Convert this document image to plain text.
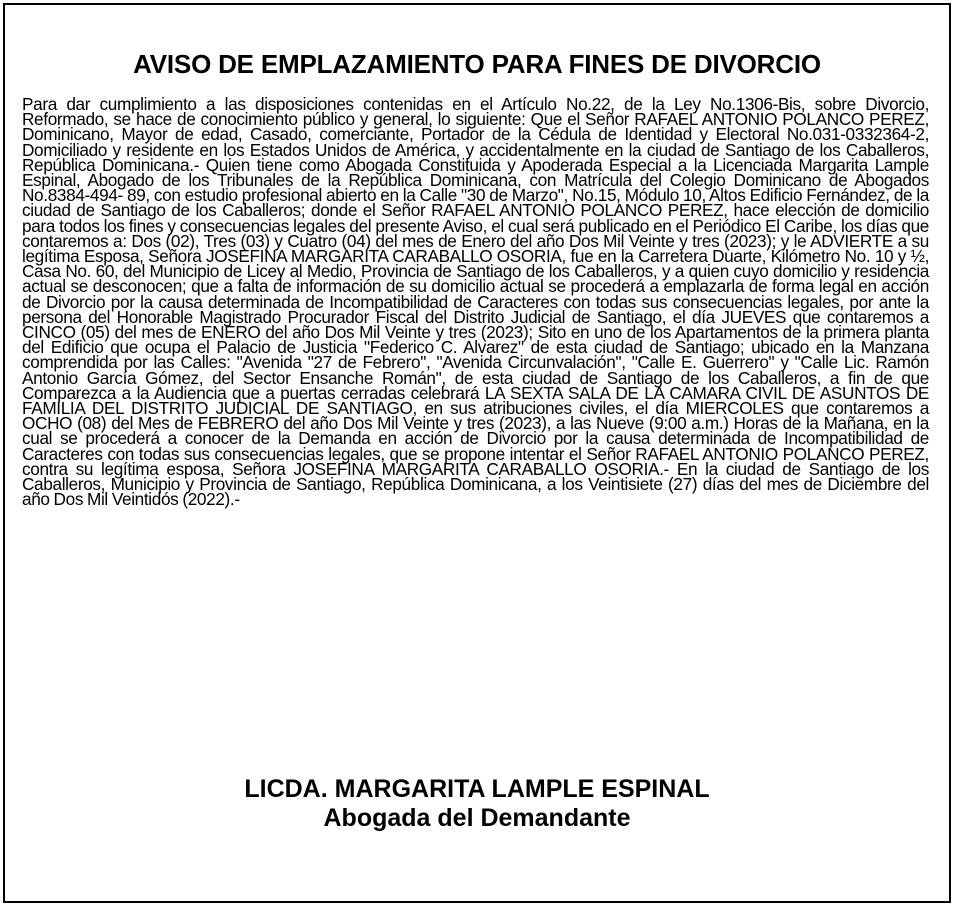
AVISO DE EMPLAZAMIENTO PARA FINES DE DIVORCIO
Para dar cumplimiento a las disposiciones contenidas en el Artículo No.22, de la Ley No.1306-Bis, sobre Divorcio, Reformado, se hace de conocimiento público y general, lo siguiente: Que el Señor RAFAEL ANTONIO POLANCO PEREZ, Dominicano, Mayor de edad, Casado, comerciante, Portador de la Cédula de Identidad y Electoral No.031-0332364-2, Domiciliado y residente en los Estados Unidos de América, y accidentalmente en la ciudad de Santiago de los Caballeros, República Dominicana.- Quien tiene como Abogada Constituida y Apoderada Especial a la Licenciada Margarita Lample Espinal, Abogado de los Tribunales de la República Dominicana, con Matrícula del Colegio Dominicano de Abogados No.8384-494- 89, con estudio profesional abierto en la Calle "30 de Marzo", No.15, Módulo 10, Altos Edificio Fernández, de la ciudad de Santiago de los Caballeros; donde el Señor RAFAEL ANTONIO POLANCO PEREZ, hace elección de domicilio para todos los fines y consecuencias legales del presente Aviso, el cual será publicado en el Periódico El Caribe, los días que contaremos a: Dos (02), Tres (03) y Cuatro (04) del mes de Enero del año Dos Mil Veinte y tres (2023); y le ADVIERTE a su legítima Esposa, Señora JOSEFINA MARGARITA CARABALLO OSORIA, fue en la Carretera Duarte, Kilómetro No. 10 y ½, Casa No. 60, del Municipio de Licey al Medio, Provincia de Santiago de los Caballeros, y a quien cuyo domicilio y residencia actual se desconocen; que a falta de información de su domicilio actual se procederá a emplazarla de forma legal en acción de Divorcio por la causa determinada de Incompatibilidad de Caracteres con todas sus consecuencias legales, por ante la persona del Honorable Magistrado Procurador Fiscal del Distrito Judicial de Santiago, el día JUEVES que contaremos a CINCO (05) del mes de ENERO del año Dos Mil Veinte y tres (2023); Sito en uno de los Apartamentos de la primera planta del Edificio que ocupa el Palacio de Justicia "Federico C. Alvarez" de esta ciudad de Santiago; ubicado en la Manzana comprendida por las Calles: "Avenida "27 de Febrero", "Avenida Circunvalación", "Calle E. Guerrero" y "Calle Lic. Ramón Antonio García Gómez, del Sector Ensanche Román", de esta ciudad de Santiago de los Caballeros, a fin de que Comparezca a la Audiencia que a puertas cerradas celebrará LA SEXTA SALA DE LA CAMARA CIVIL DE ASUNTOS DE FAMILIA DEL DISTRITO JUDICIAL DE SANTIAGO, en sus atribuciones civiles, el día MIERCOLES que contaremos a OCHO (08) del Mes de FEBRERO del año Dos Mil Veinte y tres (2023), a las Nueve (9:00 a.m.) Horas de la Mañana, en la cual se procederá a conocer de la Demanda en acción de Divorcio por la causa determinada de Incompatibilidad de Caracteres con todas sus consecuencias legales, que se propone intentar el Señor RAFAEL ANTONIO POLANCO PEREZ, contra su legítima esposa, Señora JOSEFINA MARGARITA CARABALLO OSORIA.- En la ciudad de Santiago de los Caballeros, Municipio y Provincia de Santiago, República Dominicana, a los Veintisiete (27) días del mes de Diciembre del año Dos Mil Veintidós (2022).-
LICDA. MARGARITA LAMPLE ESPINAL
Abogada del Demandante
